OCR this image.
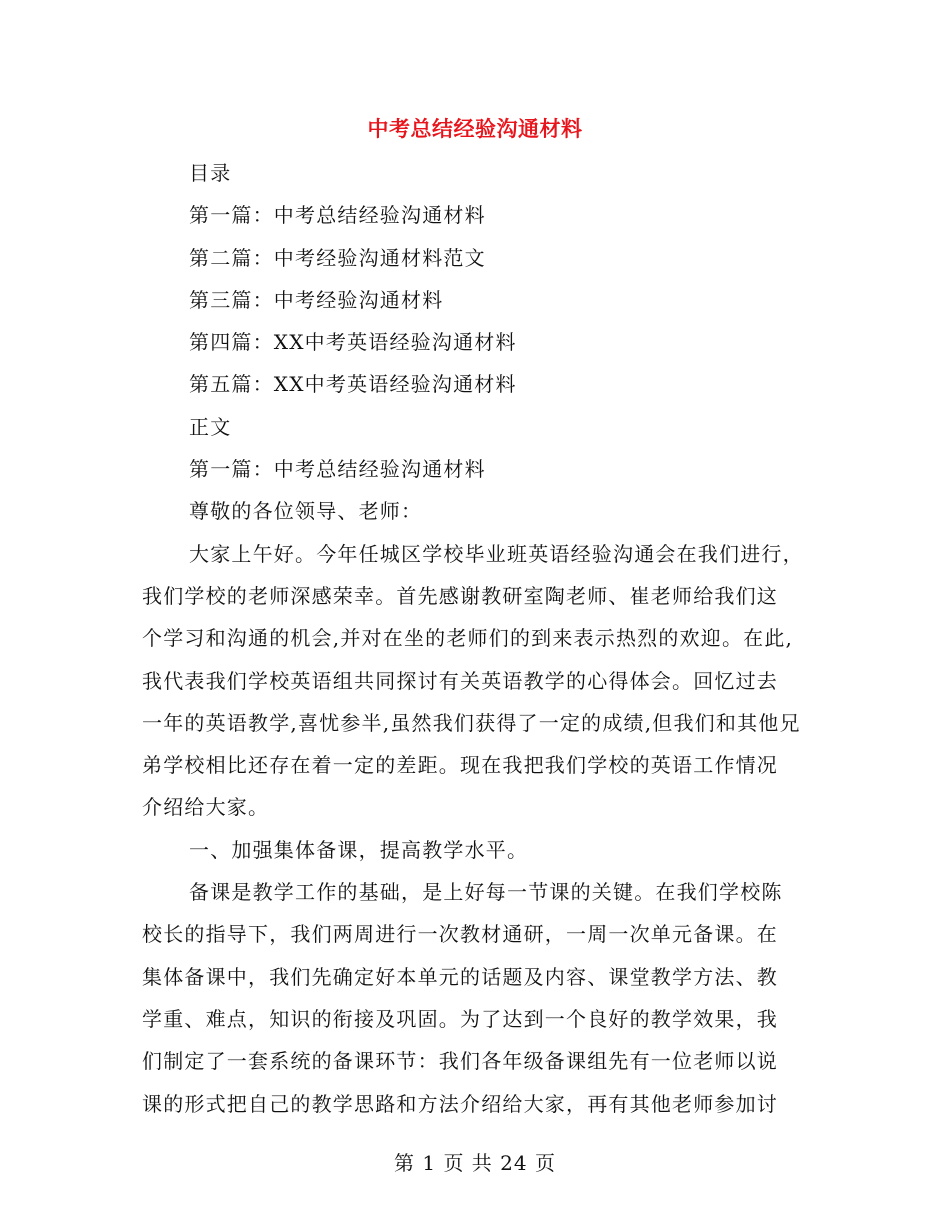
中考总结经验沟通材料
目录
第一篇：中考总结经验沟通材料
第二篇：中考经验沟通材料范文
第三篇：中考经验沟通材料
第四篇：XX中考英语经验沟通材料
第五篇：XX中考英语经验沟通材料
正文
第一篇：中考总结经验沟通材料
尊敬的各位领导、老师：
大家上午好。今年任城区学校毕业班英语经验沟通会在我们进行，
我们学校的老师深感荣幸。首先感谢教研室陶老师、崔老师给我们这
个学习和沟通的机会,并对在坐的老师们的到来表示热烈的欢迎。在此,
我代表我们学校英语组共同探讨有关英语教学的心得体会。回忆过去
一年的英语教学,喜忧参半,虽然我们获得了一定的成绩,但我们和其他兄
弟学校相比还存在着一定的差距。现在我把我们学校的英语工作情况
介绍给大家。
一、加强集体备课，提高教学水平。
备课是教学工作的基础，是上好每一节课的关键。在我们学校陈
校长的指导下，我们两周进行一次教材通研，一周一次单元备课。在
集体备课中，我们先确定好本单元的话题及内容、课堂教学方法、教
学重、难点，知识的衔接及巩固。为了达到一个良好的教学效果，我
们制定了一套系统的备课环节：我们各年级备课组先有一位老师以说
课的形式把自己的教学思路和方法介绍给大家，再有其他老师参加讨
第 1 页 共 24 页
